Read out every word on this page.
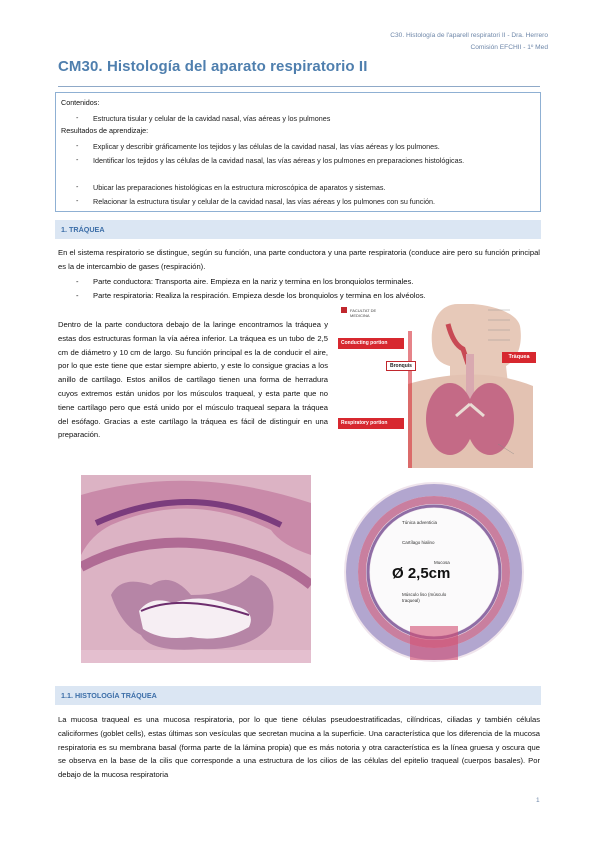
C30. Histología de l'aparell respiratori II - Dra. Herrero
Comisión EFCHII - 1º Med
CM30. Histología del aparato respiratorio II
Contenidos:
- Estructura tisular y celular de la cavidad nasal, vías aéreas y los pulmones
Resultados de aprendizaje:
- Explicar y describir gráficamente los tejidos y las células de la cavidad nasal, las vías aéreas y los pulmones.
- Identificar los tejidos y las células de la cavidad nasal, las vías aéreas y los pulmones en preparaciones histológicas.
- Ubicar las preparaciones histológicas en la estructura microscópica de aparatos y sistemas.
- Relacionar la estructura tisular y celular de la cavidad nasal, las vías aéreas y los pulmones con su función.
1. TRÁQUEA
En el sistema respiratorio se distingue, según su función, una parte conductora y una parte respiratoria (conduce aire pero su función principal es la de intercambio de gases (respiración).
- Parte conductora: Transporta aire. Empieza en la nariz y termina en los bronquiolos terminales.
- Parte respiratoria: Realiza la respiración. Empieza desde los bronquiolos y termina en los alvéolos.
Dentro de la parte conductora debajo de la laringe encontramos la tráquea y estas dos estructuras forman la vía aérea inferior. La tráquea es un tubo de 2,5 cm de diámetro y 10 cm de largo. Su función principal es la de conducir el aire, por lo que este tiene que estar siempre abierto, y este lo consigue gracias a los anillo de cartílago. Estos anillos de cartílago tienen una forma de herradura cuyos extremos están unidos por los músculos traqueal, y esta parte que no tiene cartílago pero que está unido por el músculo traqueal separa la tráquea del esófago. Gracias a este cartílago la tráquea es fácil de distinguir en una preparación.
FACULTAT DE MEDICINA
Conducting portion
Respiratory portion
Bronquis
Tràquea
Túnica adventicia
Cartílago hialino
Mucosa
Ø 2,5cm
Músculo liso (músculo traqueal)
1.1. HISTOLOGÍA TRÁQUEA
La mucosa traqueal es una mucosa respiratoria, por lo que tiene células pseudoestratificadas, cilíndricas, ciliadas y también células caliciformes (goblet cells), estas últimas son vesículas que secretan mucina a la superficie. Una característica que los diferencia de la mucosa respiratoria es su membrana basal (forma parte de la lámina propia) que es más notoria y otra característica es la línea gruesa y oscura que se observa en la base de la cilis que corresponde a una estructura de los cilios de las células del epitelio traqueal (cuerpos basales). Por debajo de la mucosa respiratoria
1
